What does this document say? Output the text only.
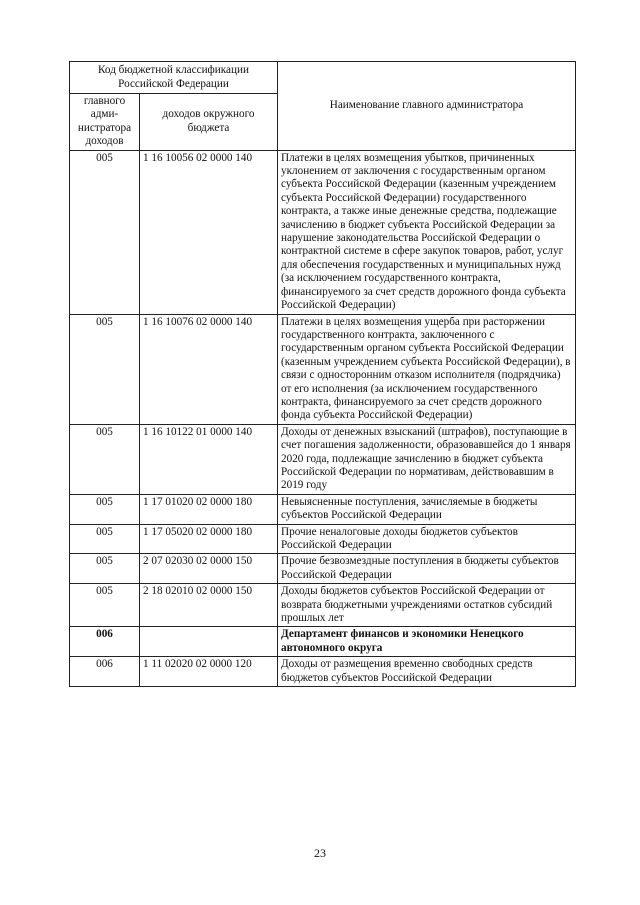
Код бюджетной классификации Российской Федерации		Наименование главного администратора
главного адми-нистратора доходов	доходов окружного бюджета	
005	1 16 10056 02 0000 140	Платежи в целях возмещения убытков, причиненных уклонением от заключения с государственным органом субъекта Российской Федерации (казенным учреждением субъекта Российской Федерации) государственного контракта, а также иные денежные средства, подлежащие зачислению в бюджет субъекта Российской Федерации за нарушение законодательства Российской Федерации о контрактной системе в сфере закупок товаров, работ, услуг для обеспечения государственных и муниципальных нужд (за исключением государственного контракта, финансируемого за счет средств дорожного фонда субъекта Российской Федерации)
005	1 16 10076 02 0000 140	Платежи в целях возмещения ущерба при расторжении государственного контракта, заключенного с государственным органом субъекта Российской Федерации (казенным учреждением субъекта Российской Федерации), в связи с односторонним отказом исполнителя (подрядчика) от его исполнения (за исключением государственного контракта, финансируемого за счет средств дорожного фонда субъекта Российской Федерации)
005	1 16 10122 01 0000 140	Доходы от денежных взысканий (штрафов), поступающие в счет погашения задолженности, образовавшейся до 1 января 2020 года, подлежащие зачислению в бюджет субъекта Российской Федерации по нормативам, действовавшим в 2019 году
005	1 17 01020 02 0000 180	Невыясненные поступления, зачисляемые в бюджеты субъектов Российской Федерации
005	1 17 05020 02 0000 180	Прочие неналоговые доходы бюджетов субъектов Российской Федерации
005	2 07 02030 02 0000 150	Прочие безвозмездные поступления в бюджеты субъектов Российской Федерации
005	2 18 02010 02 0000 150	Доходы бюджетов субъектов Российской Федерации от возврата бюджетными учреждениями остатков субсидий прошлых лет
006		Департамент финансов и экономики Ненецкого автономного округа
006	1 11 02020 02 0000 120	Доходы от размещения временно свободных средств бюджетов субъектов Российской Федерации
23
